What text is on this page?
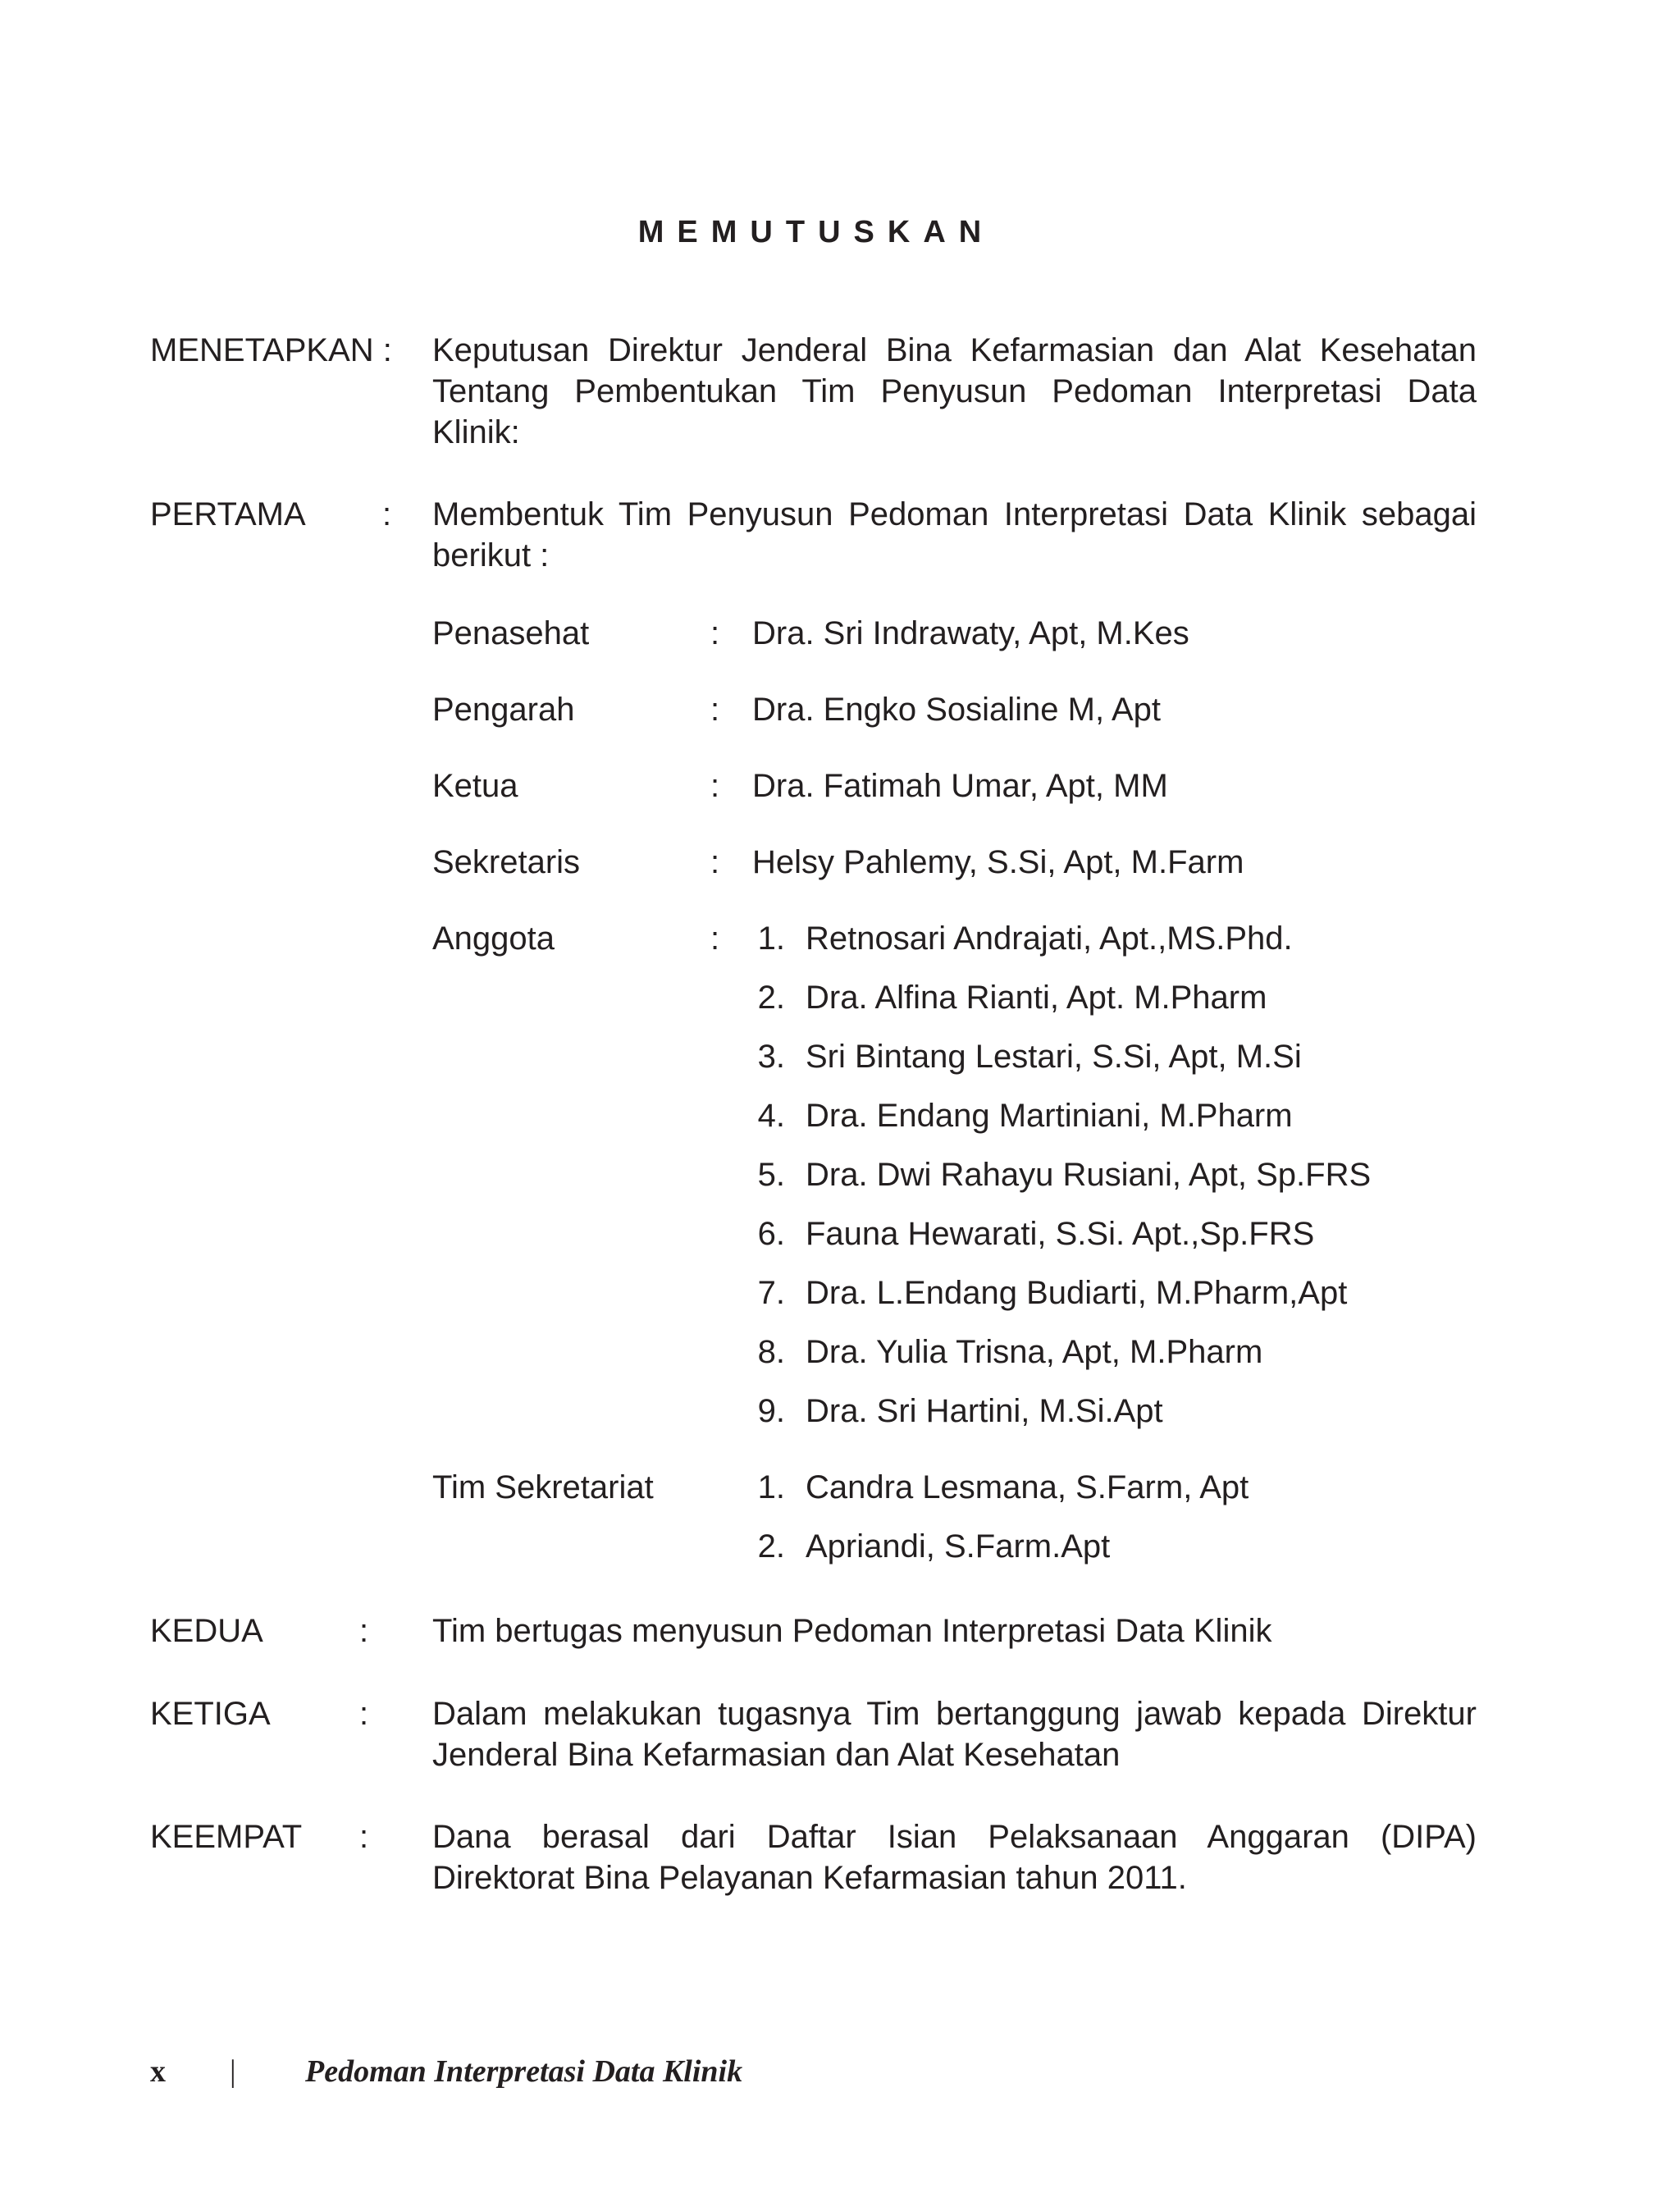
MEMUTUSKAN
MENETAPKAN : Keputusan Direktur Jenderal Bina Kefarmasian dan Alat Kesehatan
Tentang Pembentukan Tim Penyusun Pedoman Interpretasi Data
Klinik:
PERTAMA : Membentuk Tim Penyusun Pedoman Interpretasi Data Klinik sebagai
berikut :
Penasehat	: Dra. Sri Indrawaty, Apt, M.Kes
Pengarah	: Dra. Engko Sosialine M, Apt
Ketua	: Dra. Fatimah Umar, Apt, MM
Sekretaris	: Helsy Pahlemy, S.Si, Apt, M.Farm
Anggota	: 1. Retnosari Andrajati, Apt.,MS.Phd.
2. Dra. Alfina Rianti, Apt. M.Pharm
3. Sri Bintang Lestari, S.Si, Apt, M.Si
4. Dra. Endang Martiniani, M.Pharm
5. Dra. Dwi Rahayu Rusiani, Apt, Sp.FRS
6. Fauna Hewarati, S.Si. Apt.,Sp.FRS
7. Dra. L.Endang Budiarti, M.Pharm,Apt
8. Dra. Yulia Trisna, Apt, M.Pharm
9. Dra. Sri Hartini, M.Si.Apt
Tim Sekretariat	1. Candra Lesmana, S.Farm, Apt
2. Apriandi, S.Farm.Apt
KEDUA	: Tim bertugas menyusun Pedoman Interpretasi Data Klinik
KETIGA	: Dalam melakukan tugasnya Tim bertanggung jawab kepada Direktur
Jenderal Bina Kefarmasian dan Alat Kesehatan
KEEMPAT : Dana berasal dari Daftar Isian Pelaksanaan Anggaran (DIPA)
Direktorat Bina Pelayanan Kefarmasian tahun 2011.
x | Pedoman Interpretasi Data Klinik
